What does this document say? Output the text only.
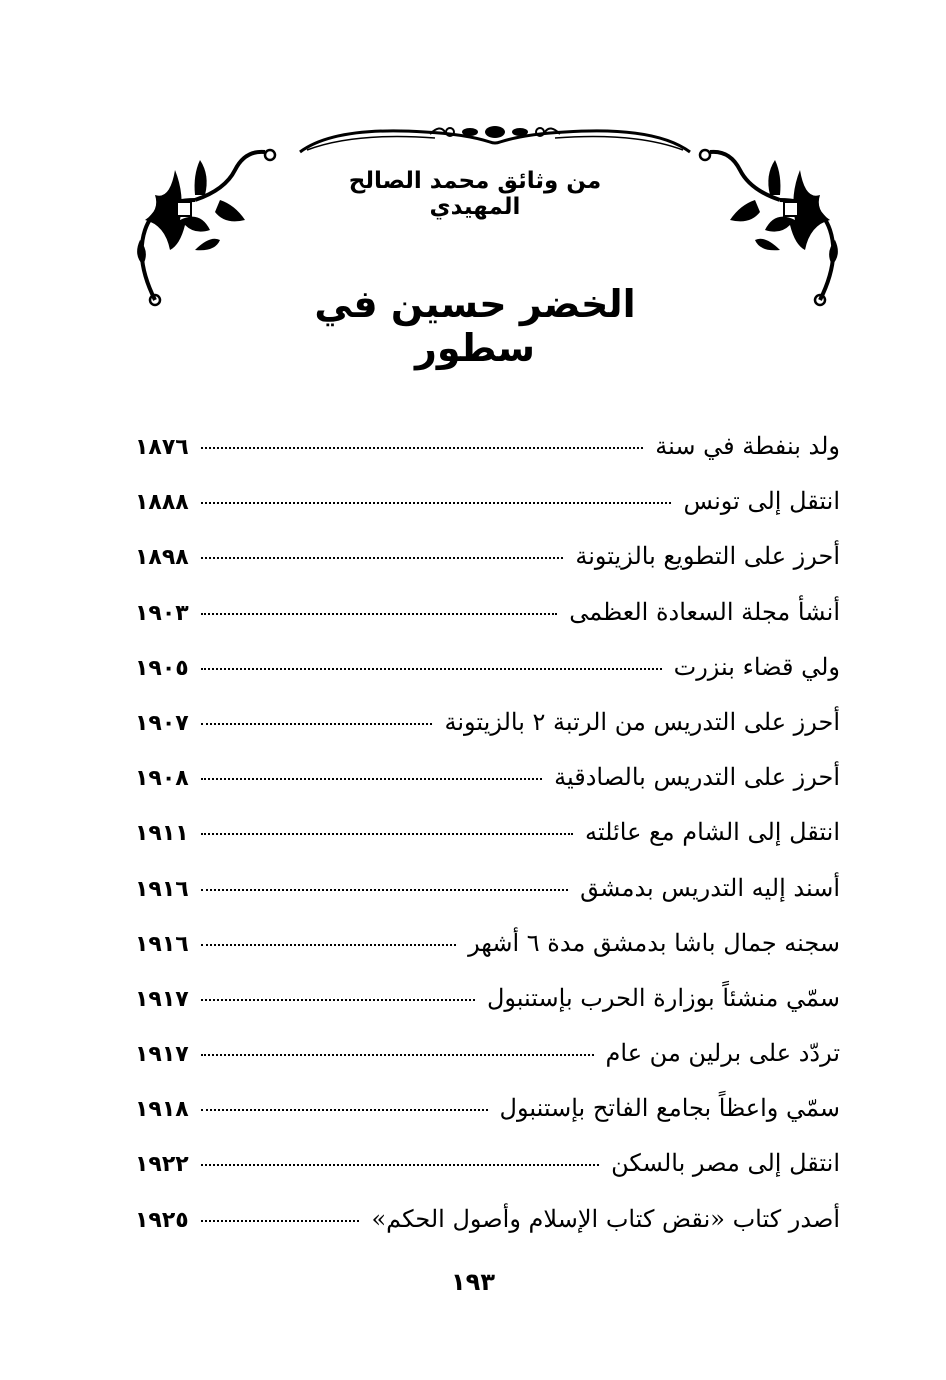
من وثائق محمد الصالح المهيدي
الخضر حسين في سطور
ولد بنفطة في سنة
١٨٧٦
انتقل إلى تونس
١٨٨٨
أحرز على التطويع بالزيتونة
١٨٩٨
أنشأ مجلة السعادة العظمى
١٩٠٣
ولي قضاء بنزرت
١٩٠٥
أحرز على التدريس من الرتبة ٢ بالزيتونة
١٩٠٧
أحرز على التدريس بالصادقية
١٩٠٨
انتقل إلى الشام مع عائلته
١٩١١
أسند إليه التدريس بدمشق
١٩١٦
سجنه جمال باشا بدمشق مدة ٦ أشهر
١٩١٦
سمّي منشئاً بوزارة الحرب بإستنبول
١٩١٧
تردّد على برلين من عام
١٩١٧
سمّي واعظاً بجامع الفاتح بإستنبول
١٩١٨
انتقل إلى مصر بالسكن
١٩٢٢
أصدر كتاب «نقض كتاب الإسلام وأصول الحكم»
١٩٢٥
١٩٣
